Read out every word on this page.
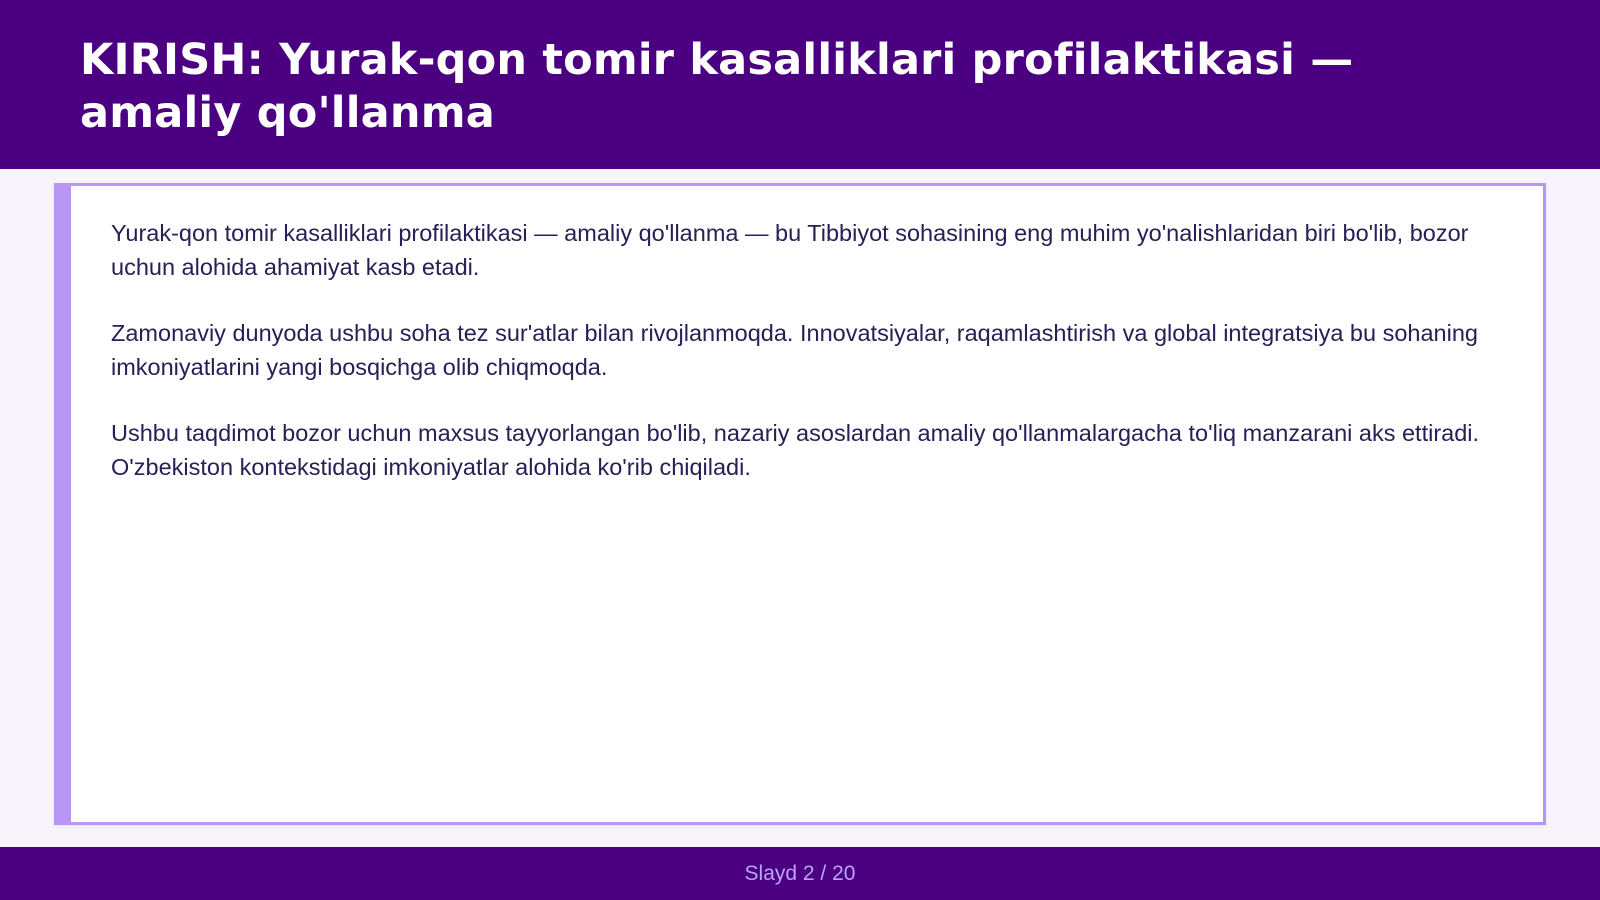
KIRISH: Yurak-qon tomir kasalliklari profilaktikasi — amaliy qo'llanma

Yurak-qon tomir kasalliklari profilaktikasi — amaliy qo'llanma — bu Tibbiyot sohasining eng muhim yo'nalishlaridan biri bo'lib, bozor uchun alohida ahamiyat kasb etadi.

Zamonaviy dunyoda ushbu soha tez sur'atlar bilan rivojlanmoqda. Innovatsiyalar, raqamlashtirish va global integratsiya bu sohaning imkoniyatlarini yangi bosqichga olib chiqmoqda.

Ushbu taqdimot bozor uchun maxsus tayyorlangan bo'lib, nazariy asoslardan amaliy qo'llanmalargacha to'liq manzarani aks ettiradi. O'zbekiston kontekstidagi imkoniyatlar alohida ko'rib chiqiladi.

Slayd 2 / 20
